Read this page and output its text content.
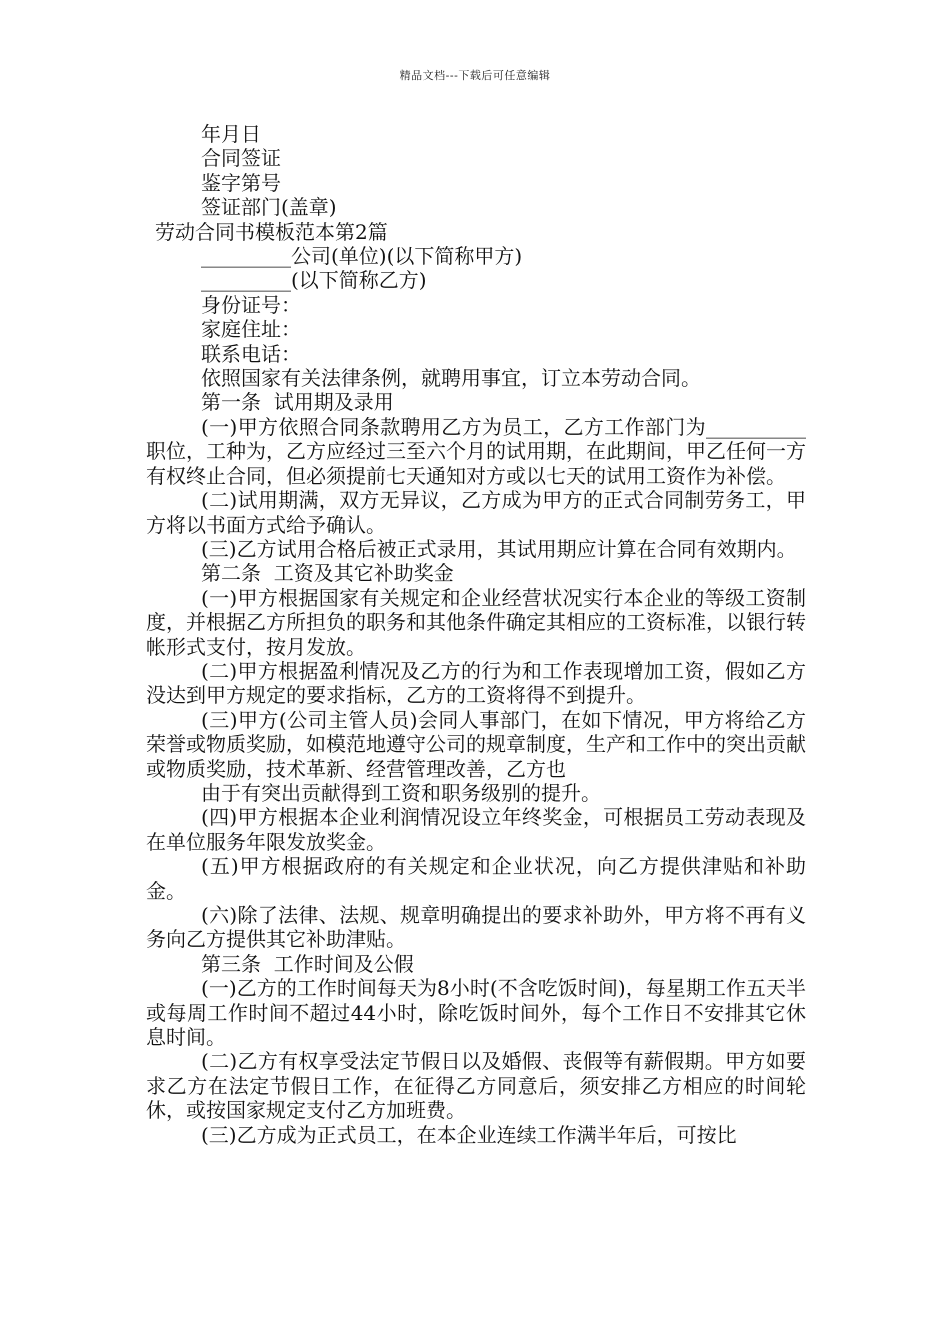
精品文档---下载后可任意编辑
年月日
合同签证
鉴字第号
签证部门(盖章)
劳动合同书模板范本第2篇
_________公司(单位)(以下简称甲方)
_________(以下简称乙方)
身份证号：
家庭住址：
联系电话：
依照国家有关法律条例，就聘用事宜，订立本劳动合同。
第一条  试用期及录用
(一)甲方依照合同条款聘用乙方为员工，乙方工作部门为__________职位，工种为，乙方应经过三至六个月的试用期，在此期间，甲乙任何一方有权终止合同，但必须提前七天通知对方或以七天的试用工资作为补偿。
(二)试用期满，双方无异议，乙方成为甲方的正式合同制劳务工，甲方将以书面方式给予确认。
(三)乙方试用合格后被正式录用，其试用期应计算在合同有效期内。
第二条  工资及其它补助奖金
(一)甲方根据国家有关规定和企业经营状况实行本企业的等级工资制度，并根据乙方所担负的职务和其他条件确定其相应的工资标准，以银行转帐形式支付，按月发放。
(二)甲方根据盈利情况及乙方的行为和工作表现增加工资，假如乙方没达到甲方规定的要求指标，乙方的工资将得不到提升。
(三)甲方(公司主管人员)会同人事部门，在如下情况，甲方将给乙方荣誉或物质奖励，如模范地遵守公司的规章制度，生产和工作中的突出贡献或物质奖励，技术革新、经营管理改善，乙方也
由于有突出贡献得到工资和职务级别的提升。
(四)甲方根据本企业利润情况设立年终奖金，可根据员工劳动表现及在单位服务年限发放奖金。
(五)甲方根据政府的有关规定和企业状况，向乙方提供津贴和补助金。
(六)除了法律、法规、规章明确提出的要求补助外，甲方将不再有义务向乙方提供其它补助津贴。
第三条  工作时间及公假
(一)乙方的工作时间每天为8小时(不含吃饭时间)，每星期工作五天半或每周工作时间不超过44小时，除吃饭时间外，每个工作日不安排其它休息时间。
(二)乙方有权享受法定节假日以及婚假、丧假等有薪假期。甲方如要求乙方在法定节假日工作，在征得乙方同意后，须安排乙方相应的时间轮休，或按国家规定支付乙方加班费。
(三)乙方成为正式员工，在本企业连续工作满半年后，可按比
